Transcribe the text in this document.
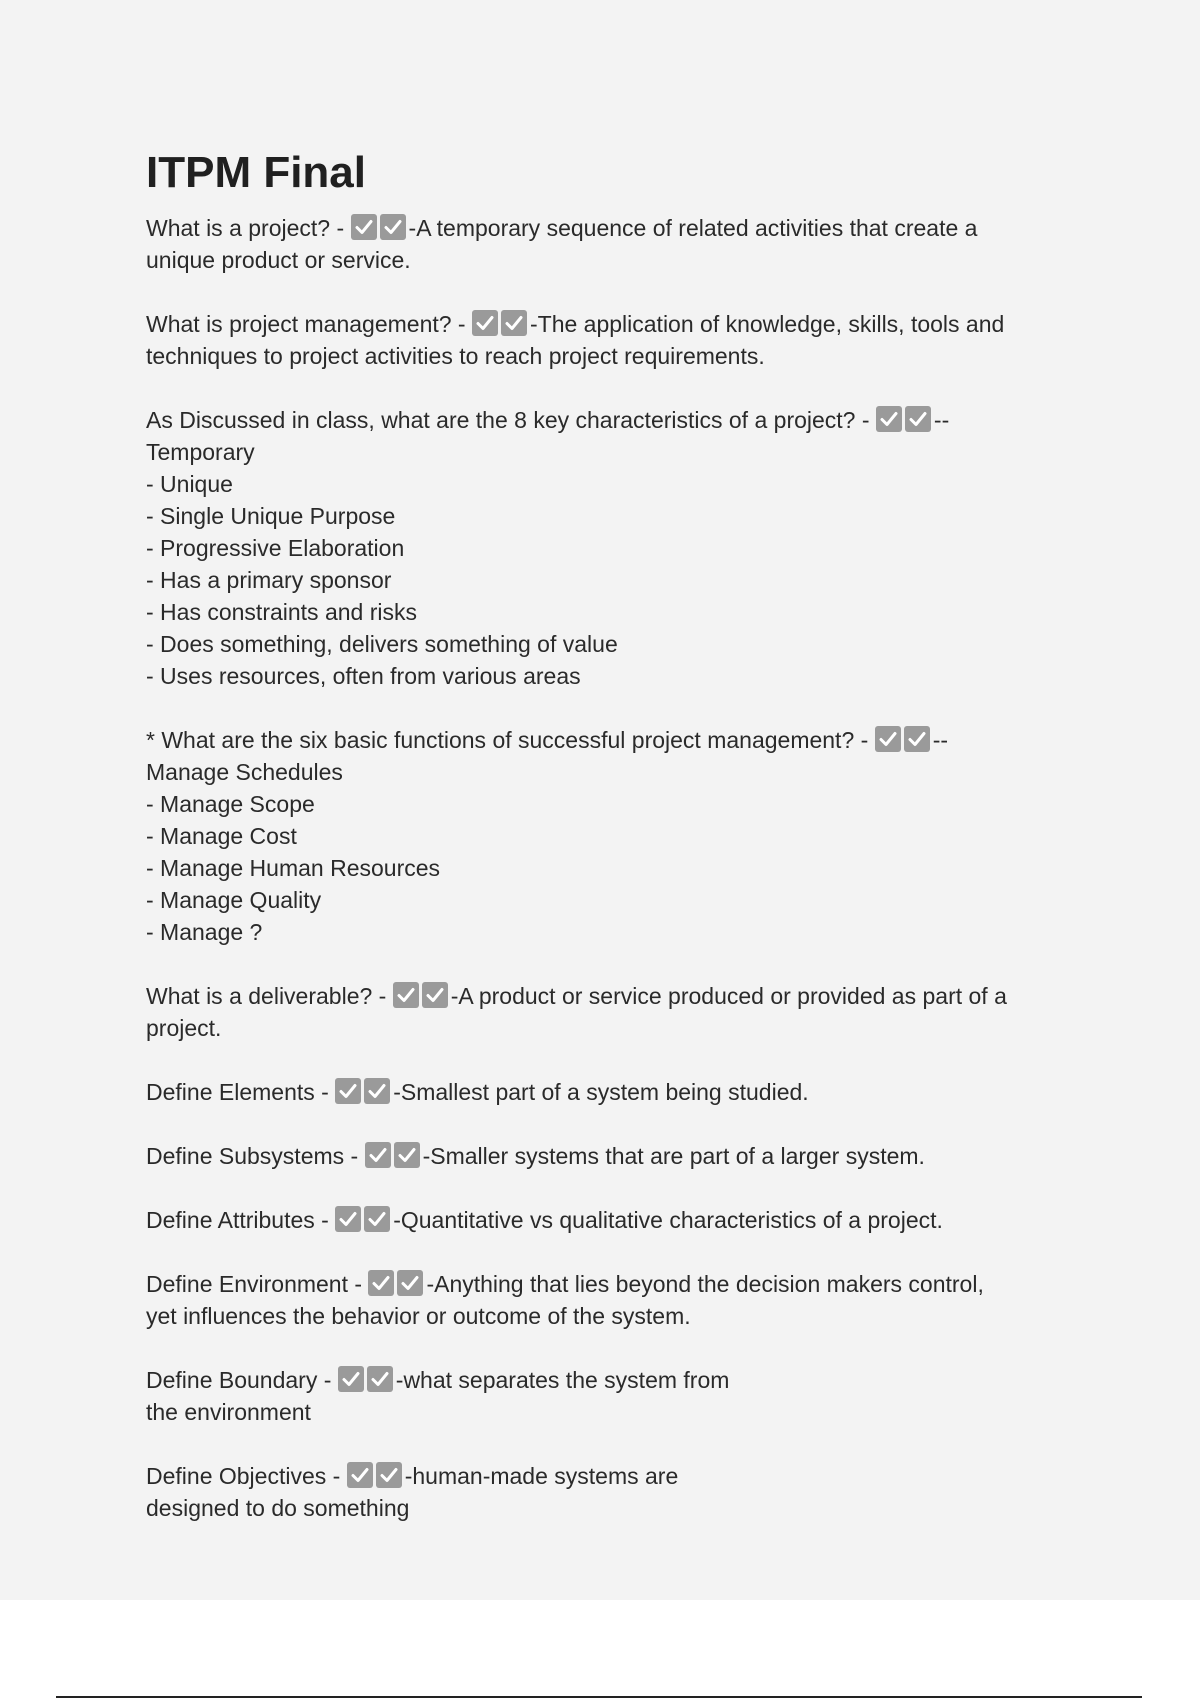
ITPM Final
What is a project? -	-A temporary sequence of related activities that create a
unique product or service.
What is project management? -	-The application of knowledge, skills, tools and
techniques to project activities to reach project requirements.
As Discussed in class, what are the 8 key characteristics of a project? -	--
Temporary
- Unique
- Single Unique Purpose
- Progressive Elaboration
- Has a primary sponsor
- Has constraints and risks
- Does something, delivers something of value
- Uses resources, often from various areas
* What are the six basic functions of successful project management? -	--
Manage Schedules
- Manage Scope
- Manage Cost
- Manage Human Resources
- Manage Quality
- Manage ?
What is a deliverable? -	-A product or service produced or provided as part of a
project.
Define Elements -	-Smallest part of a system being studied.
Define Subsystems -	-Smaller systems that are part of a larger system.
Define Attributes -	-Quantitative vs qualitative characteristics of a project.
Define Environment -	-Anything that lies beyond the decision makers control,
yet influences the behavior or outcome of the system.
Define Boundary -	-what separates the system from
the environment
Define Objectives -	-human-made systems are
designed to do something
